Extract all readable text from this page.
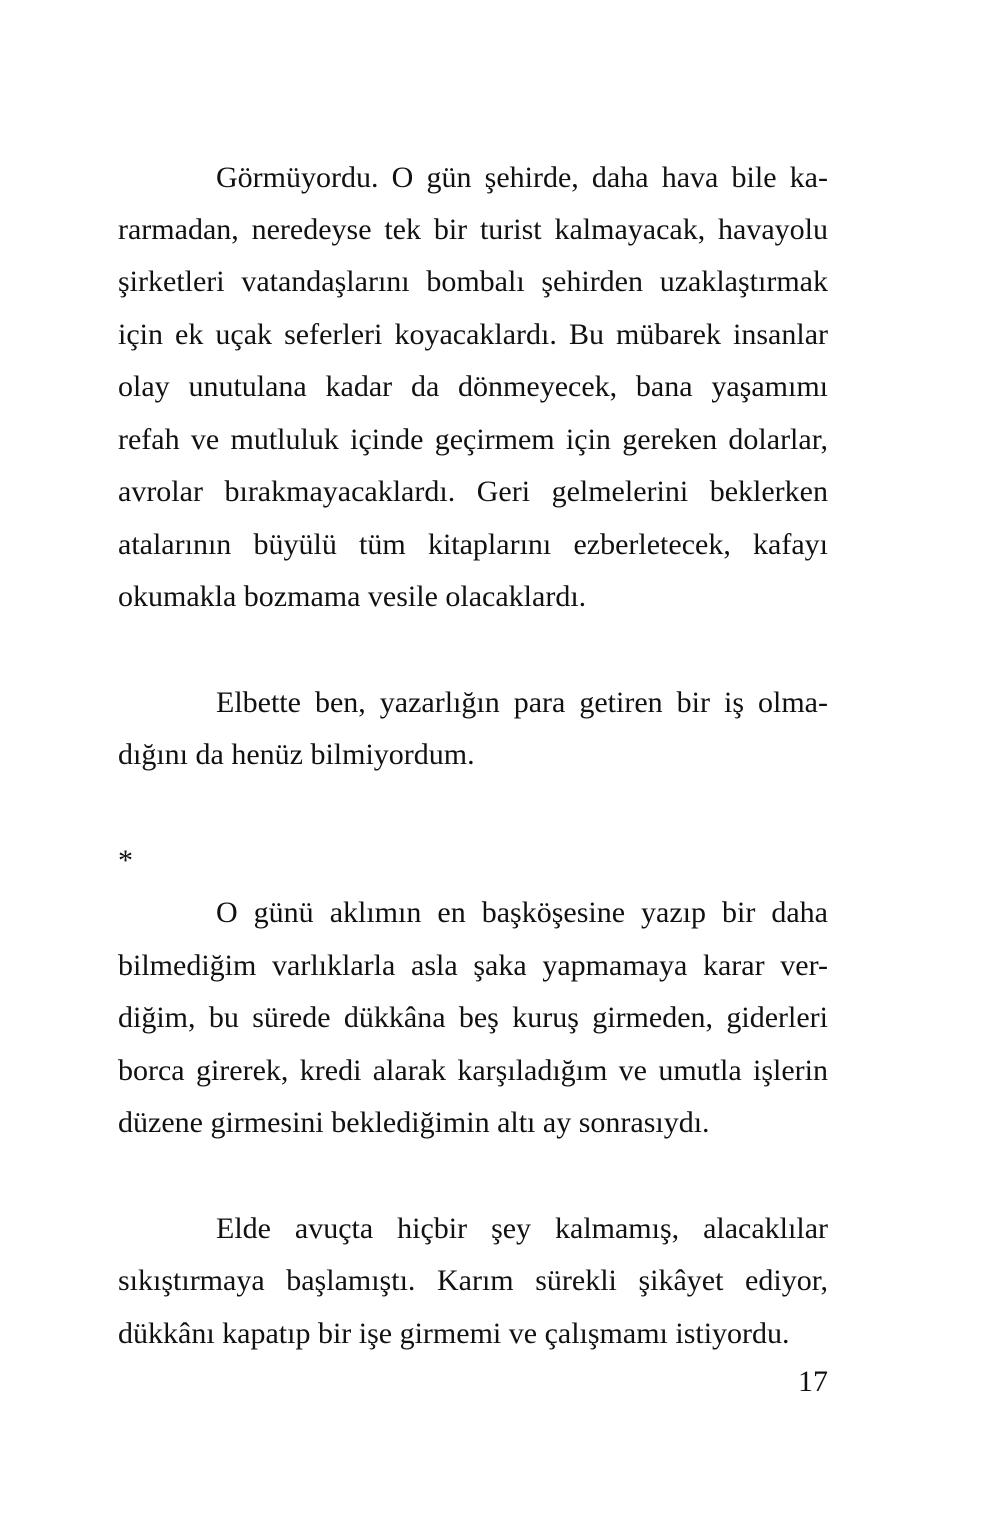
Görmüyordu. O gün şehirde, daha hava bile ka-
rarmadan, neredeyse tek bir turist kalmayacak, havayolu
şirketleri vatandaşlarını bombalı şehirden uzaklaştırmak
için ek uçak seferleri koyacaklardı. Bu mübarek insanlar
olay unutulana kadar da dönmeyecek, bana yaşamımı
refah ve mutluluk içinde geçirmem için gereken dolarlar,
avrolar bırakmayacaklardı. Geri gelmelerini beklerken
atalarının büyülü tüm kitaplarını ezberletecek, kafayı
okumakla bozmama vesile olacaklardı.
Elbette ben, yazarlığın para getiren bir iş olma-
dığını da henüz bilmiyordum.
*
O günü aklımın en başköşesine yazıp bir daha
bilmediğim varlıklarla asla şaka yapmamaya karar ver-
diğim, bu sürede dükkâna beş kuruş girmeden, giderleri
borca girerek, kredi alarak karşıladığım ve umutla işlerin
düzene girmesini beklediğimin altı ay sonrasıydı.
Elde avuçta hiçbir şey kalmamış, alacaklılar
sıkıştırmaya başlamıştı. Karım sürekli şikâyet ediyor,
dükkânı kapatıp bir işe girmemi ve çalışmamı istiyordu.
17
